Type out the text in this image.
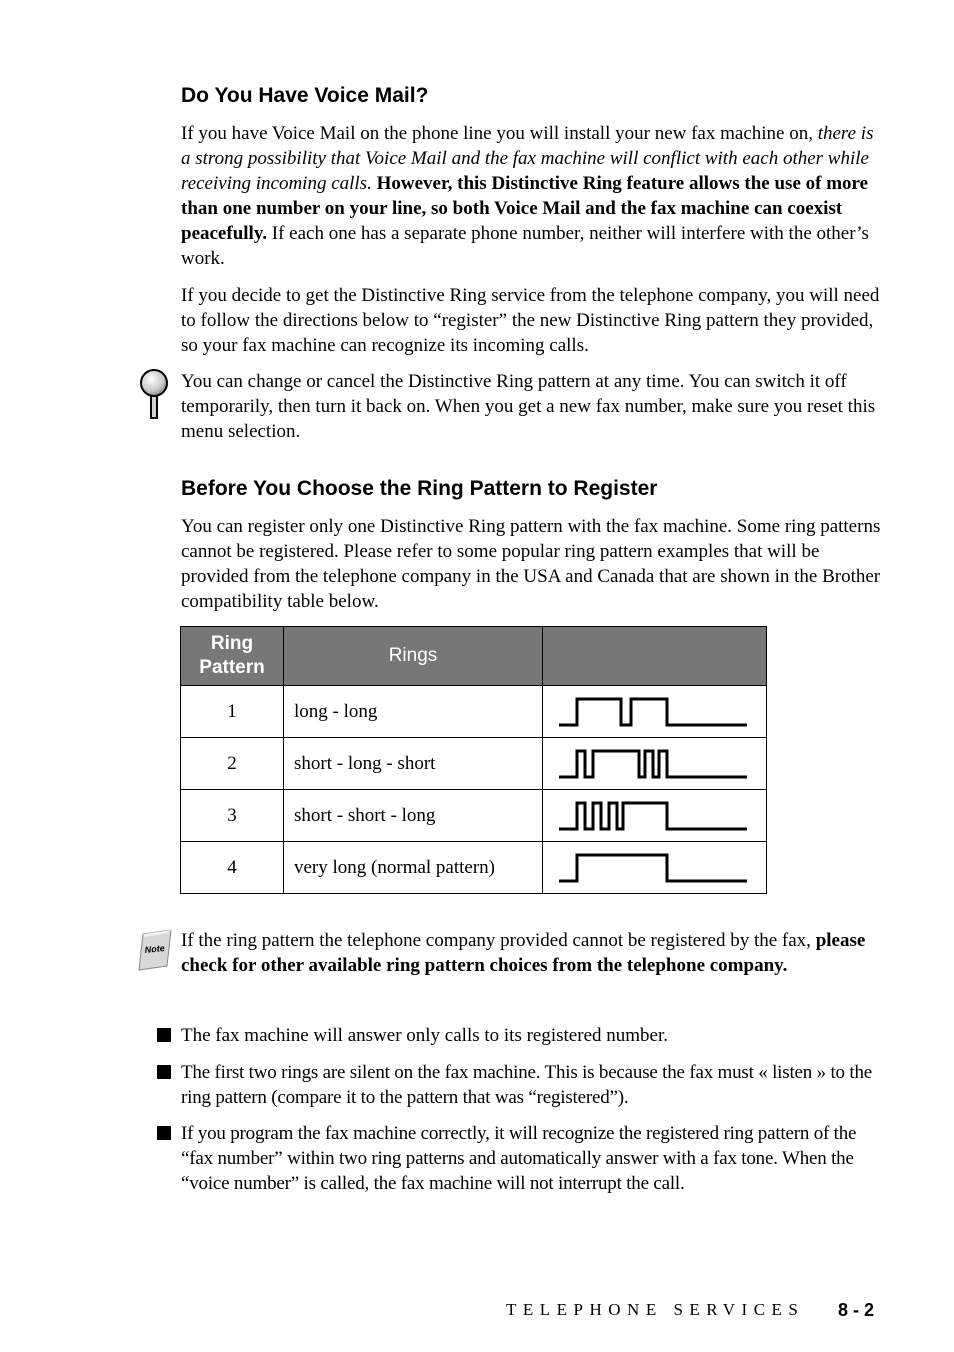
Do You Have Voice Mail?
If you have Voice Mail on the phone line you will install your new fax machine on, there is a strong possibility that Voice Mail and the fax machine will conflict with each other while receiving incoming calls. However, this Distinctive Ring feature allows the use of more than one number on your line, so both Voice Mail and the fax machine can coexist peacefully. If each one has a separate phone number, neither will interfere with the other’s work.
If you decide to get the Distinctive Ring service from the telephone company, you will need to follow the directions below to “register” the new Distinctive Ring pattern they provided, so your fax machine can recognize its incoming calls.
You can change or cancel the Distinctive Ring pattern at any time. You can switch it off temporarily, then turn it back on. When you get a new fax number, make sure you reset this menu selection.
Before You Choose the Ring Pattern to Register
You can register only one Distinctive Ring pattern with the fax machine. Some ring patterns cannot be registered. Please refer to some popular ring pattern examples that will be provided from the telephone company in the USA and Canada that are shown in the Brother compatibility table below.
Ring
Pattern	Rings	
1	long - long	

2	short - long - short	

3	short - short - long	

4	very long (normal pattern)	
Note If the ring pattern the telephone company provided cannot be registered by the fax, please check for other available ring pattern choices from the telephone company.
The fax machine will answer only calls to its registered number.
The first two rings are silent on the fax machine. This is because the fax must « listen » to the ring pattern (compare it to the pattern that was “registered”).
If you program the fax machine correctly, it will recognize the registered ring pattern of the “fax number” within two ring patterns and automatically answer with a fax tone. When the “voice number” is called, the fax machine will not interrupt the call.
TELEPHONE SERVICES 8 - 2
